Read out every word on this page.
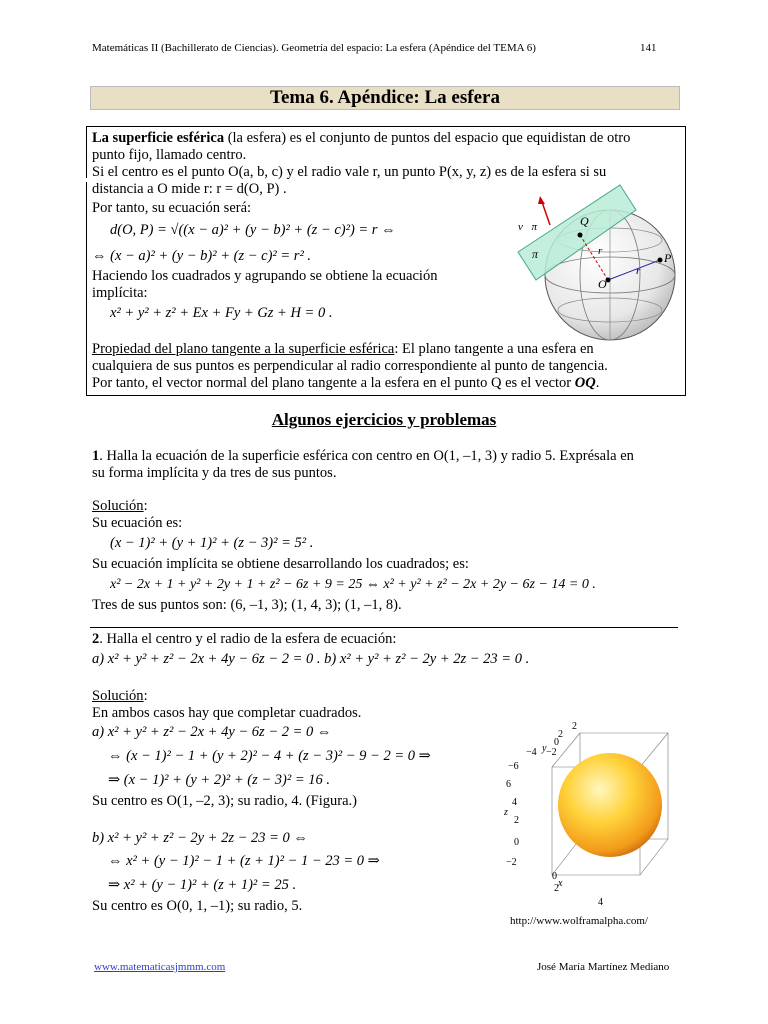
Matemáticas II (Bachillerato de Ciencias). Geometría del espacio: La esfera (Apéndice del TEMA 6)	141
Tema 6. Apéndice: La esfera
La superficie esférica (la esfera) es el conjunto de puntos del espacio que equidistan de otro
punto fijo, llamado centro.
Si el centro es el punto O(a, b, c) y el radio vale r, un punto P(x, y, z) es de la esfera si su
distancia a O mide r: r = d(O, P) .
Por tanto, su ecuación será:
d(O, P) = √((x − a)² + (y − b)² + (z − c)²) = r ⇔
⇔ (x − a)² + (y − b)² + (z − c)² = r² .
Haciendo los cuadrados y agrupando se obtiene la ecuación
implícita:
x² + y² + z² + Ex + Fy + Gz + H = 0 .
Propiedad del plano tangente a la superficie esférica: El plano tangente a una esfera en
cualquiera de sus puntos es perpendicular al radio correspondiente al punto de tangencia.
Por tanto, el vector normal del plano tangente a la esfera en el punto Q es el vector OQ.
v⃗π	Q
π	r
r
P
O
Algunos ejercicios y problemas
1. Halla la ecuación de la superficie esférica con centro en O(1, –1, 3) y radio 5. Exprésala en
su forma implícita y da tres de sus puntos.
Solución:
Su ecuación es:
(x − 1)² + (y + 1)² + (z − 3)² = 5² .
Su ecuación implícita se obtiene desarrollando los cuadrados; es:
x² − 2x + 1 + y² + 2y + 1 + z² − 6z + 9 = 25 ⇔ x² + y² + z² − 2x + 2y − 6z − 14 = 0 .
Tres de sus puntos son: (6, –1, 3); (1, 4, 3); (1, –1, 8).
2. Halla el centro y el radio de la esfera de ecuación:
a) x² + y² + z² − 2x + 4y − 6z − 2 = 0 . b) x² + y² + z² − 2y + 2z − 23 = 0 .
Solución:
En ambos casos hay que completar cuadrados.
a) x² + y² + z² − 2x + 4y − 6z − 2 = 0 ⇔
⇔ (x − 1)² − 1 + (y + 2)² − 4 + (z − 3)² − 9 − 2 = 0 ⇒
⇒ (x − 1)² + (y + 2)² + (z − 3)² = 16 .
Su centro es O(1, –2, 3); su radio, 4. (Figura.)
b) x² + y² + z² − 2y + 2z − 23 = 0 ⇔
⇔ x² + (y − 1)² − 1 + (z + 1)² − 1 − 23 = 0 ⇒
⇒ x² + (y − 1)² + (z + 1)² = 25 .
Su centro es O(0, 1, –1); su radio, 5.
2
y
2
0
−2
−4
−6
6
4
z
2
0
−2
0
2 x
4
http://www.wolframalpha.com/
www.matematicasjmmm.com	José María Martínez Mediano
